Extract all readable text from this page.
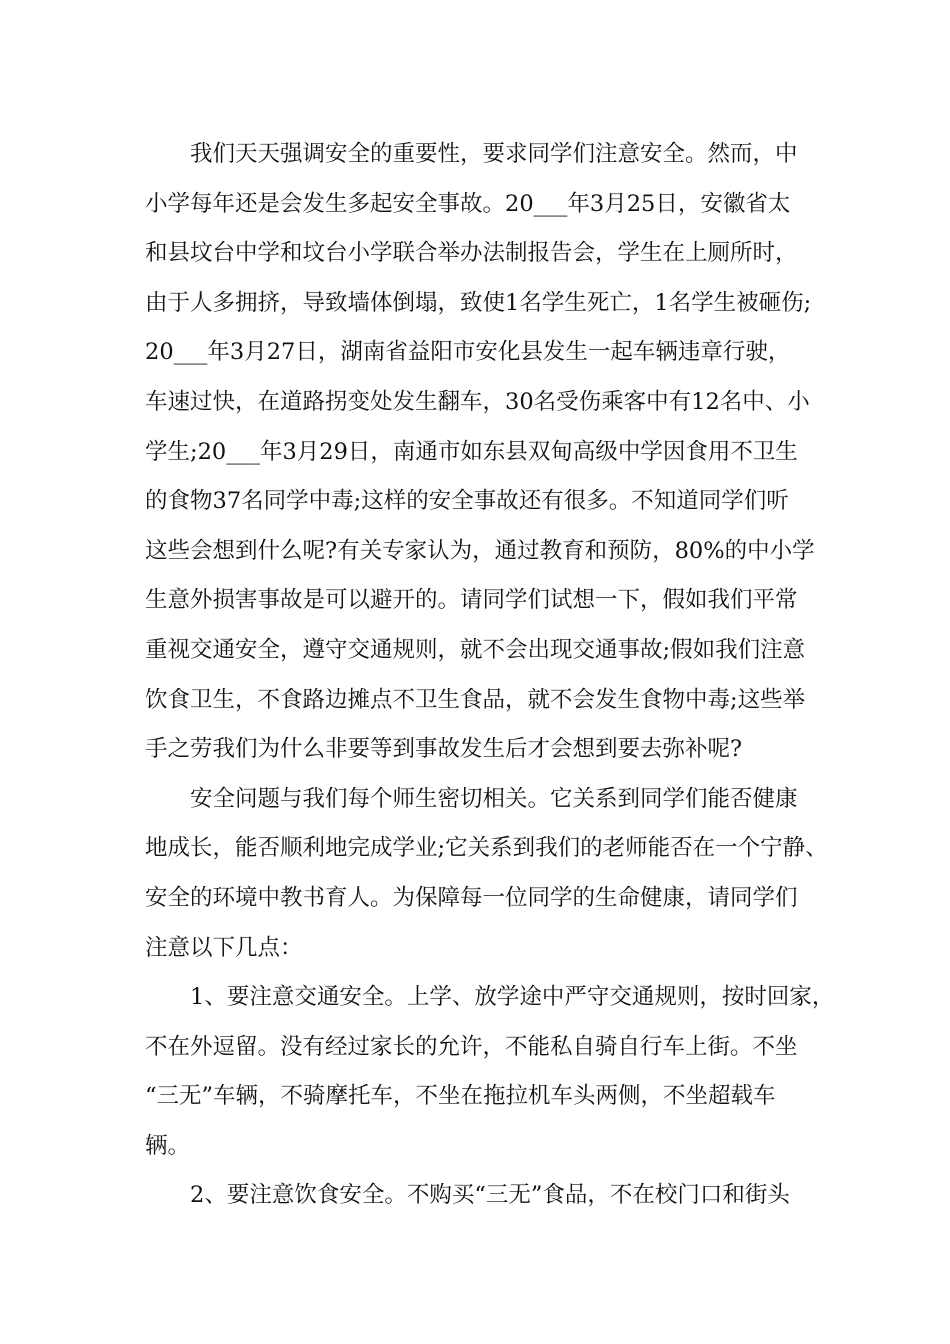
我们天天强调安全的重要性，要求同学们注意安全。然而，中
小学每年还是会发生多起安全事故。20___年3月25日，安徽省太
和县坟台中学和坟台小学联合举办法制报告会，学生在上厕所时，
由于人多拥挤，导致墙体倒塌，致使1名学生死亡，1名学生被砸伤;
20___年3月27日，湖南省益阳市安化县发生一起车辆违章行驶，
车速过快，在道路拐变处发生翻车，30名受伤乘客中有12名中、小
学生;20___年3月29日，南通市如东县双甸高级中学因食用不卫生
的食物37名同学中毒;这样的安全事故还有很多。不知道同学们听
这些会想到什么呢?有关专家认为，通过教育和预防，80%的中小学
生意外损害事故是可以避开的。请同学们试想一下，假如我们平常
重视交通安全，遵守交通规则，就不会出现交通事故;假如我们注意
饮食卫生，不食路边摊点不卫生食品，就不会发生食物中毒;这些举
手之劳我们为什么非要等到事故发生后才会想到要去弥补呢?
安全问题与我们每个师生密切相关。它关系到同学们能否健康
地成长，能否顺利地完成学业;它关系到我们的老师能否在一个宁静、
安全的环境中教书育人。为保障每一位同学的生命健康，请同学们
注意以下几点：
1、要注意交通安全。上学、放学途中严守交通规则，按时回家，
不在外逗留。没有经过家长的允许，不能私自骑自行车上街。不坐
“三无”车辆，不骑摩托车，不坐在拖拉机车头两侧，不坐超载车
辆。
2、要注意饮食安全。不购买“三无”食品，不在校门口和街头
